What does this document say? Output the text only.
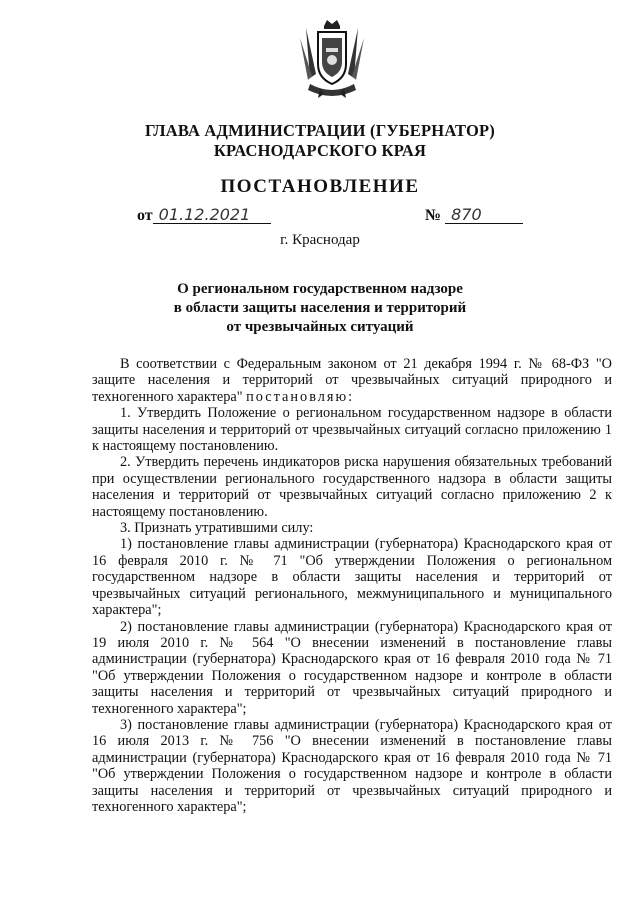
ГЛАВА АДМИНИСТРАЦИИ (ГУБЕРНАТОР)
КРАСНОДАРСКОГО КРАЯ
ПОСТАНОВЛЕНИЕ
от 01.12.2021	№ 870
г. Краснодар
О региональном государственном надзоре
в области защиты населения и территорий
от чрезвычайных ситуаций

В соответствии с Федеральным законом от 21 декабря 1994 г. № 68-ФЗ "О защите населения и территорий от чрезвычайных ситуаций природного и техногенного характера" постановляю:

1. Утвердить Положение о региональном государственном надзоре в области защиты населения и территорий от чрезвычайных ситуаций согласно приложению 1 к настоящему постановлению.

2. Утвердить перечень индикаторов риска нарушения обязательных требований при осуществлении регионального государственного надзора в области защиты населения и территорий от чрезвычайных ситуаций согласно приложению 2 к настоящему постановлению.

3. Признать утратившими силу:

1) постановление главы администрации (губернатора) Краснодарского края от 16 февраля 2010 г. № 71 "Об утверждении Положения о региональном государственном надзоре в области защиты населения и территорий от чрезвычайных ситуаций регионального, межмуниципального и муниципального характера";

2) постановление главы администрации (губернатора) Краснодарского края от 19 июля 2010 г. № 564 "О внесении изменений в постановление главы администрации (губернатора) Краснодарского края от 16 февраля 2010 года № 71 "Об утверждении Положения о государственном надзоре и контроле в области защиты населения и территорий от чрезвычайных ситуаций природного и техногенного характера";

3) постановление главы администрации (губернатора) Краснодарского края от 16 июля 2013 г. № 756 "О внесении изменений в постановление главы администрации (губернатора) Краснодарского края от 16 февраля 2010 года № 71 "Об утверждении Положения о государственном надзоре и контроле в области защиты населения и территорий от чрезвычайных ситуаций природного и техногенного характера";
